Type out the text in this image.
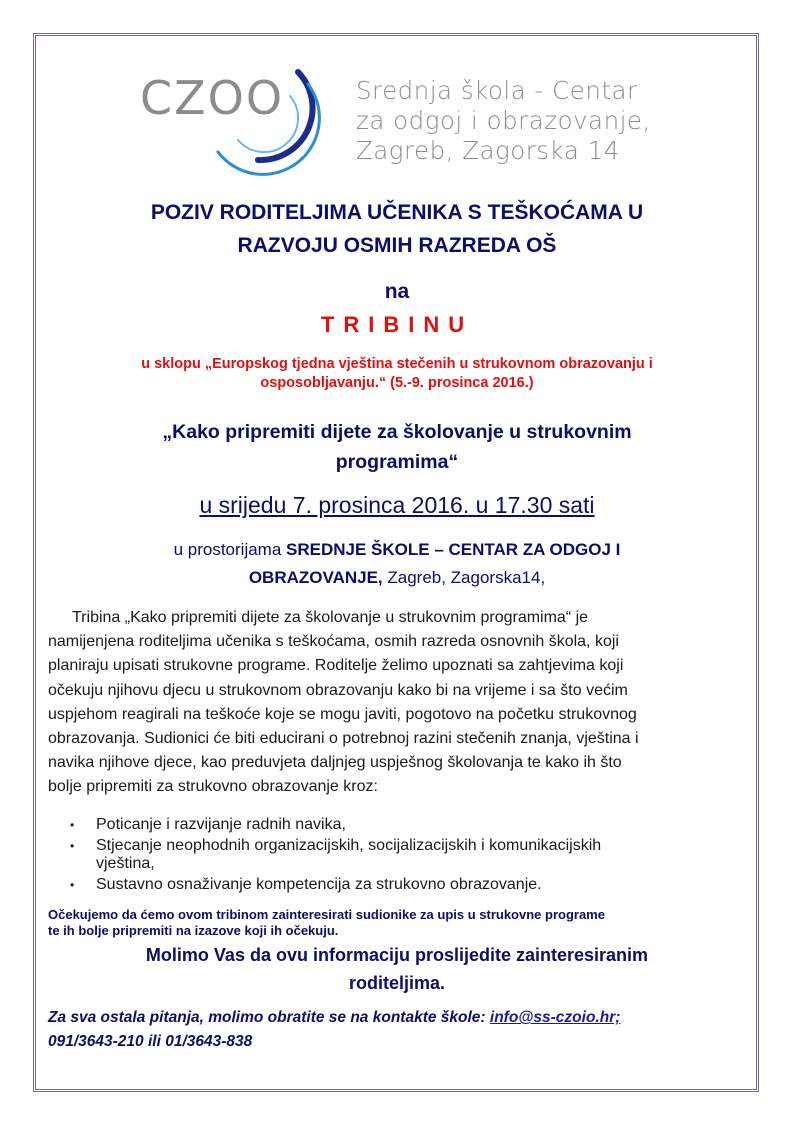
CZOO	Srednja škola - Centar
za odgoj i obrazovanje,
Zagreb, Zagorska 14
POZIV RODITELJIMA UČENIKA S TEŠKOĆAMA U
RAZVOJU OSMIH RAZREDA OŠ
na
TRIBINU
u sklopu „Europskog tjedna vještina stečenih u strukovnom obrazovanju i
osposobljavanju.“ (5.-9. prosinca 2016.)
„Kako pripremiti dijete za školovanje u strukovnim
programima“
u srijedu 7. prosinca 2016. u 17.30 sati
u prostorijama SREDNJE ŠKOLE – CENTAR ZA ODGOJ I
OBRAZOVANJE, Zagreb, Zagorska14,
Tribina „Kako pripremiti dijete za školovanje u strukovnim programima“ je
namijenjena roditeljima učenika s teškoćama, osmih razreda osnovnih škola, koji
planiraju upisati strukovne programe. Roditelje želimo upoznati sa zahtjevima koji
očekuju njihovu djecu u strukovnom obrazovanju kako bi na vrijeme i sa što većim
uspjehom reagirali na teškoće koje se mogu javiti, pogotovo na početku strukovnog
obrazovanja. Sudionici će biti educirani o potrebnoj razini stečenih znanja, vještina i
navika njihove djece, kao preduvjeta daljnjeg uspješnog školovanja te kako ih što
bolje pripremiti za strukovno obrazovanje kroz:
• Poticanje i razvijanje radnih navika,
• Stjecanje neophodnih organizacijskih, socijalizacijskih i komunikacijskih
vještina,
• Sustavno osnaživanje kompetencija za strukovno obrazovanje.
Očekujemo da ćemo ovom tribinom zainteresirati sudionike za upis u strukovne programe
te ih bolje pripremiti na izazove koji ih očekuju.
Molimo Vas da ovu informaciju proslijedite zainteresiranim
roditeljima.
Za sva ostala pitanja, molimo obratite se na kontakte škole: info@ss-czoio.hr;
091/3643-210 ili 01/3643-838
